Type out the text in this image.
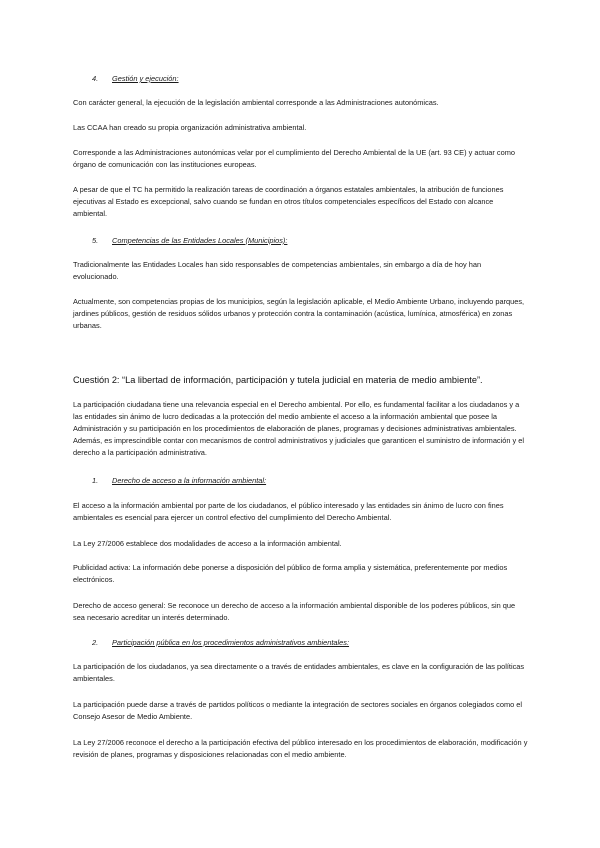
4. Gestión y ejecución:

Con carácter general, la ejecución de la legislación ambiental corresponde a las Administraciones autonómicas.

Las CCAA han creado su propia organización administrativa ambiental.

Corresponde a las Administraciones autonómicas velar por el cumplimiento del Derecho Ambiental de la UE (art. 93 CE) y actuar como órgano de comunicación con las instituciones europeas.

A pesar de que el TC ha permitido la realización tareas de coordinación a órganos estatales ambientales, la atribución de funciones ejecutivas al Estado es excepcional, salvo cuando se fundan en otros títulos competenciales específicos del Estado con alcance ambiental.

5. Competencias de las Entidades Locales (Municipios):

Tradicionalmente las Entidades Locales han sido responsables de competencias ambientales, sin embargo a día de hoy han evolucionado.

Actualmente, son competencias propias de los municipios, según la legislación aplicable, el Medio Ambiente Urbano, incluyendo parques, jardines públicos, gestión de residuos sólidos urbanos y protección contra la contaminación (acústica, lumínica, atmosférica) en zonas urbanas.

Cuestión 2: “La libertad de información, participación y tutela judicial en materia de medio ambiente”.

La participación ciudadana tiene una relevancia especial en el Derecho ambiental. Por ello, es fundamental facilitar a los ciudadanos y a las entidades sin ánimo de lucro dedicadas a la protección del medio ambiente el acceso a la información ambiental que posee la Administración y su participación en los procedimientos de elaboración de planes, programas y decisiones administrativas ambientales. Además, es imprescindible contar con mecanismos de control administrativos y judiciales que garanticen el suministro de información y el derecho a la participación administrativa.

1. Derecho de acceso a la información ambiental:

El acceso a la información ambiental por parte de los ciudadanos, el público interesado y las entidades sin ánimo de lucro con fines ambientales es esencial para ejercer un control efectivo del cumplimiento del Derecho Ambiental.

La Ley 27/2006 establece dos modalidades de acceso a la información ambiental.

Publicidad activa: La información debe ponerse a disposición del público de forma amplia y sistemática, preferentemente por medios electrónicos.

Derecho de acceso general: Se reconoce un derecho de acceso a la información ambiental disponible de los poderes públicos, sin que sea necesario acreditar un interés determinado.

2. Participación pública en los procedimientos administrativos ambientales:

La participación de los ciudadanos, ya sea directamente o a través de entidades ambientales, es clave en la configuración de las políticas ambientales.

La participación puede darse a través de partidos políticos o mediante la integración de sectores sociales en órganos colegiados como el Consejo Asesor de Medio Ambiente.

La Ley 27/2006 reconoce el derecho a la participación efectiva del público interesado en los procedimientos de elaboración, modificación y revisión de planes, programas y disposiciones relacionadas con el medio ambiente.
